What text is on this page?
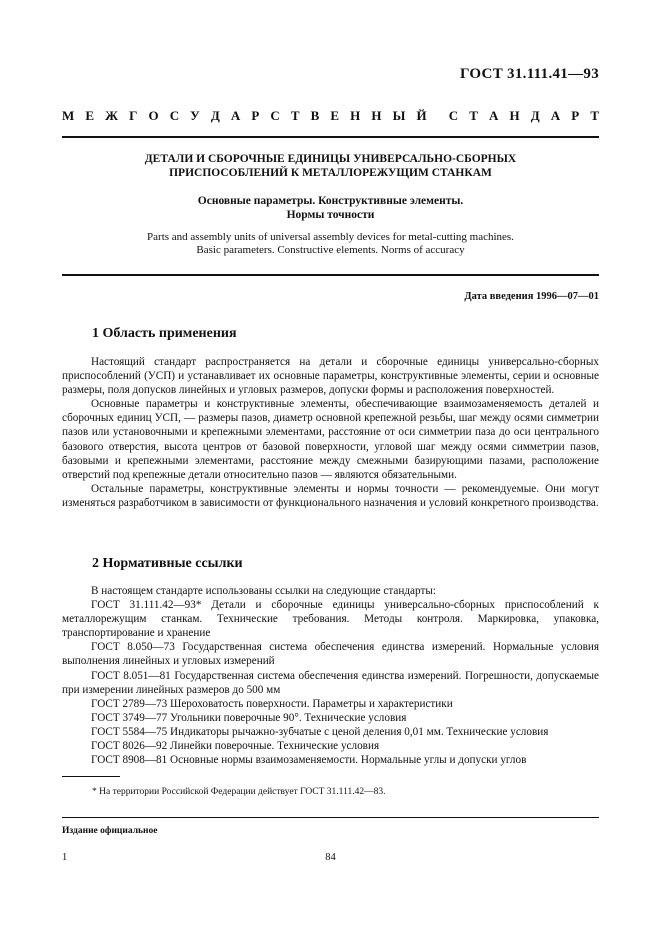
ГОСТ 31.111.41—93
М Е Ж Г О С У Д А Р С Т В Е Н Н Ы Й С Т А Н Д А Р Т
ДЕТАЛИ И СБОРОЧНЫЕ ЕДИНИЦЫ УНИВЕРСАЛЬНО-СБОРНЫХ
ПРИСПОСОБЛЕНИЙ К МЕТАЛЛОРЕЖУЩИМ СТАНКАМ
Основные параметры. Конструктивные элементы.
Нормы точности
Parts and assembly units of universal assembly devices for metal-cutting machines.
Basic parameters. Constructive elements. Norms of accuracy
Дата введения 1996—07—01
1 Область применения

Настоящий стандарт распространяется на детали и сборочные единицы универсально-сборных приспособлений (УСП) и устанавливает их основные параметры, конструктивные элементы, серии и основные размеры, поля допусков линейных и угловых размеров, допуски формы и расположения поверхностей.

Основные параметры и конструктивные элементы, обеспечивающие взаимозаменяемость деталей и сборочных единиц УСП, — размеры пазов, диаметр основной крепежной резьбы, шаг между осями симметрии пазов или установочными и крепежными элементами, расстояние от оси симметрии паза до оси центрального базового отверстия, высота центров от базовой поверхности, угловой шаг между осями симметрии пазов, базовыми и крепежными элементами, расстояние между смежными базирующими пазами, расположение отверстий под крепежные детали относительно пазов — являются обязательными.

Остальные параметры, конструктивные элементы и нормы точности — рекомендуемые. Они могут изменяться разработчиком в зависимости от функционального назначения и условий конкретного производства.

2 Нормативные ссылки

В настоящем стандарте использованы ссылки на следующие стандарты:

ГОСТ 31.111.42—93* Детали и сборочные единицы универсально-сборных приспособлений к металлорежущим станкам. Технические требования. Методы контроля. Маркировка, упаковка, транспортирование и хранение

ГОСТ 8.050—73 Государственная система обеспечения единства измерений. Нормальные условия выполнения линейных и угловых измерений

ГОСТ 8.051—81 Государственная система обеспечения единства измерений. Погрешности, допускаемые при измерении линейных размеров до 500 мм

ГОСТ 2789—73 Шероховатость поверхности. Параметры и характеристики

ГОСТ 3749—77 Угольники поверочные 90°. Технические условия

ГОСТ 5584—75 Индикаторы рычажно-зубчатые с ценой деления 0,01 мм. Технические условия

ГОСТ 8026—92 Линейки поверочные. Технические условия

ГОСТ 8908—81 Основные нормы взаимозаменяемости. Нормальные углы и допуски углов

* На территории Российской Федерации действует ГОСТ 31.111.42—83.
Издание официальное
1	84
